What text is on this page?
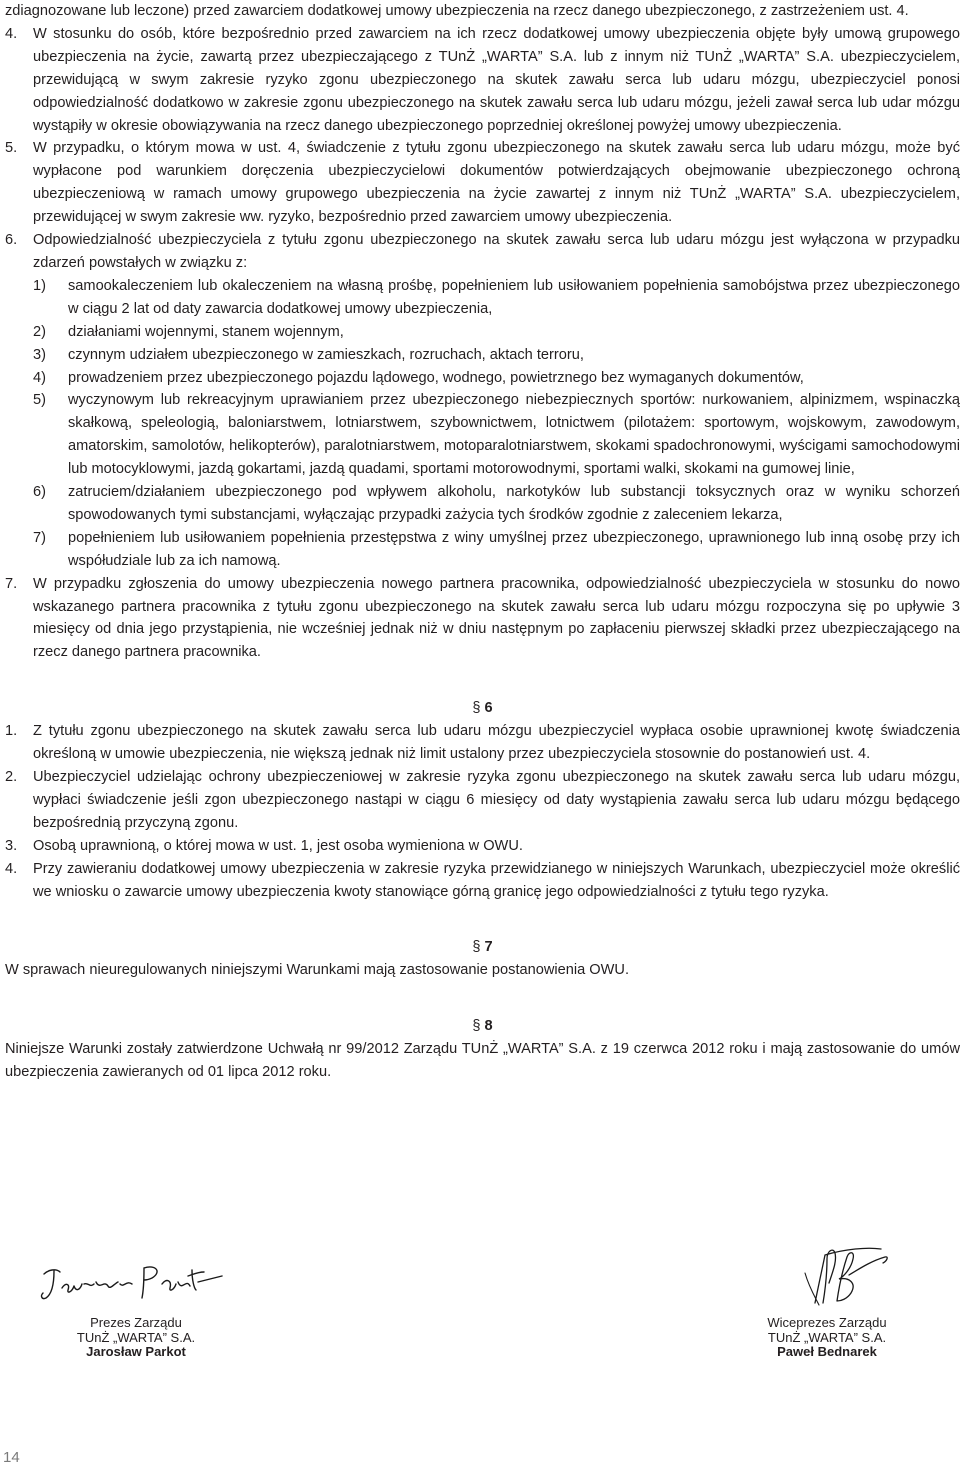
zdiagnozowane lub leczone) przed zawarciem dodatkowej umowy ubezpieczenia na rzecz danego ubezpieczonego, z zastrzeżeniem ust. 4.

4. W stosunku do osób, które bezpośrednio przed zawarciem na ich rzecz dodatkowej umowy ubezpieczenia objęte były umową grupowego ubezpieczenia na życie, zawartą przez ubezpieczającego z TUnŻ „WARTA” S.A. lub z innym niż TUnŻ „WARTA” S.A. ubezpieczycielem, przewidującą w swym zakresie ryzyko zgonu ubezpieczonego na skutek zawału serca lub udaru mózgu, ubezpieczyciel ponosi odpowiedzialność dodatkowo w zakresie zgonu ubezpieczonego na skutek zawału serca lub udaru mózgu, jeżeli zawał serca lub udar mózgu wystąpiły w okresie obowiązywania na rzecz danego ubezpieczonego poprzedniej określonej powyżej umowy ubezpieczenia.
5. W przypadku, o którym mowa w ust. 4, świadczenie z tytułu zgonu ubezpieczonego na skutek zawału serca lub udaru mózgu, może być wypłacone pod warunkiem doręczenia ubezpieczycielowi dokumentów potwierdzających obejmowanie ubezpieczonego ochroną ubezpieczeniową w ramach umowy grupowego ubezpieczenia na życie zawartej z innym niż TUnŻ „WARTA” S.A. ubezpieczycielem, przewidującej w swym zakresie ww. ryzyko, bezpośrednio przed zawarciem umowy ubezpieczenia.
6. Odpowiedzialność ubezpieczyciela z tytułu zgonu ubezpieczonego na skutek zawału serca lub udaru mózgu jest wyłączona w przypadku zdarzeń powstałych w związku z:
1) samookaleczeniem lub okaleczeniem na własną prośbę, popełnieniem lub usiłowaniem popełnienia samobójstwa przez ubezpieczonego w ciągu 2 lat od daty zawarcia dodatkowej umowy ubezpieczenia,
2) działaniami wojennymi, stanem wojennym,
3) czynnym udziałem ubezpieczonego w zamieszkach, rozruchach, aktach terroru,
4) prowadzeniem przez ubezpieczonego pojazdu lądowego, wodnego, powietrznego bez wymaganych dokumentów,
5) wyczynowym lub rekreacyjnym uprawianiem przez ubezpieczonego niebezpiecznych sportów: nurkowaniem, alpinizmem, wspinaczką skałkową, speleologią, baloniarstwem, lotniarstwem, szybownictwem, lotnictwem (pilotażem: sportowym, wojskowym, zawodowym, amatorskim, samolotów, helikopterów), paralotniarstwem, motoparalotniarstwem, skokami spadochronowymi, wyścigami samochodowymi lub motocyklowymi, jazdą gokartami, jazdą quadami, sportami motorowodnymi, sportami walki, skokami na gumowej linie,
6) zatruciem/działaniem ubezpieczonego pod wpływem alkoholu, narkotyków lub substancji toksycznych oraz w wyniku schorzeń spowodowanych tymi substancjami, wyłączając przypadki zażycia tych środków zgodnie z zaleceniem lekarza,
7) popełnieniem lub usiłowaniem popełnienia przestępstwa z winy umyślnej przez ubezpieczonego, uprawnionego lub inną osobę przy ich współudziale lub za ich namową.
7. W przypadku zgłoszenia do umowy ubezpieczenia nowego partnera pracownika, odpowiedzialność ubezpieczyciela w stosunku do nowo wskazanego partnera pracownika z tytułu zgonu ubezpieczonego na skutek zawału serca lub udaru mózgu rozpoczyna się po upływie 3 miesięcy od dnia jego przystąpienia, nie wcześniej jednak niż w dniu następnym po zapłaceniu pierwszej składki przez ubezpieczającego na rzecz danego partnera pracownika.
§ 6
1. Z tytułu zgonu ubezpieczonego na skutek zawału serca lub udaru mózgu ubezpieczyciel wypłaca osobie uprawnionej kwotę świadczenia określoną w umowie ubezpieczenia, nie większą jednak niż limit ustalony przez ubezpieczyciela stosownie do postanowień ust. 4.
2. Ubezpieczyciel udzielając ochrony ubezpieczeniowej w zakresie ryzyka zgonu ubezpieczonego na skutek zawału serca lub udaru mózgu, wypłaci świadczenie jeśli zgon ubezpieczonego nastąpi w ciągu 6 miesięcy od daty wystąpienia zawału serca lub udaru mózgu będącego bezpośrednią przyczyną zgonu.
3. Osobą uprawnioną, o której mowa w ust. 1, jest osoba wymieniona w OWU.
4. Przy zawieraniu dodatkowej umowy ubezpieczenia w zakresie ryzyka przewidzianego w niniejszych Warunkach, ubezpieczyciel może określić we wniosku o zawarcie umowy ubezpieczenia kwoty stanowiące górną granicę jego odpowiedzialności z tytułu tego ryzyka.
§ 7

W sprawach nieuregulowanych niniejszymi Warunkami mają zastosowanie postanowienia OWU.

§ 8

Niniejsze Warunki zostały zatwierdzone Uchwałą nr 99/2012 Zarządu TUnŻ „WARTA” S.A. z 19 czerwca 2012 roku i mają zastosowanie do umów ubezpieczenia zawieranych od 01 lipca 2012 roku.

Prezes Zarządu
TUnŻ „WARTA” S.A.
Jarosław Parkot
Wiceprezes Zarządu
TUnŻ „WARTA” S.A.
Paweł Bednarek
14
